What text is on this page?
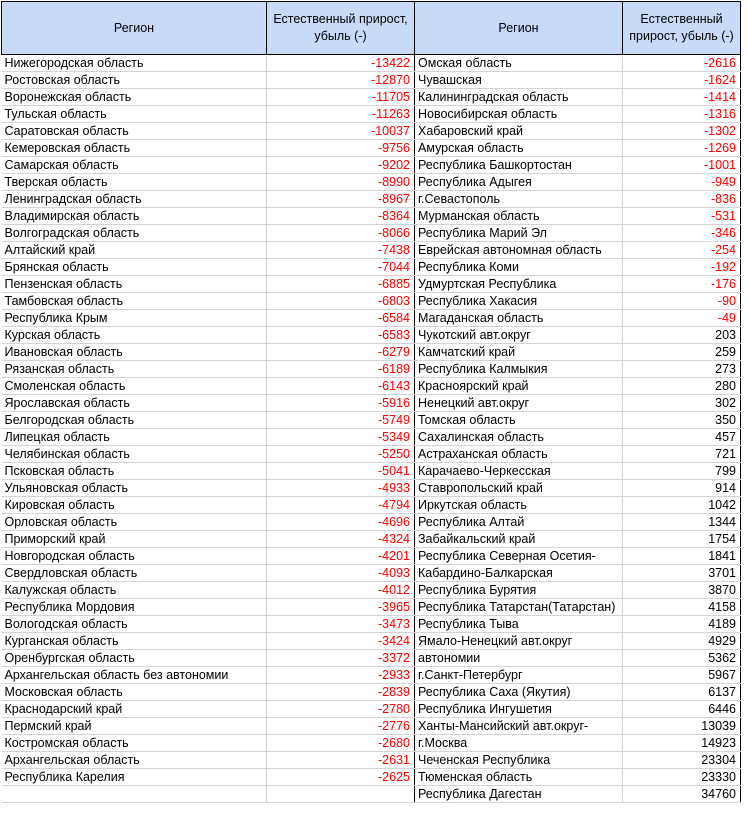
Регион	Естественный прирост, убыль (-)	Регион	Естественный прирост, убыль (-)
Нижегородская область	-13422	Омская область	-2616
Ростовская область	-12870	Чувашская	-1624
Воронежская область	-11705	Калининградская область	-1414
Тульская область	-11263	Новосибирская область	-1316
Саратовская область	-10037	Хабаровский край	-1302
Кемеровская область	-9756	Амурская область	-1269
Самарская область	-9202	Республика Башкортостан	-1001
Тверская область	-8990	Республика Адыгея	-949
Ленинградская область	-8967	г.Севастополь	-836
Владимирская область	-8364	Мурманская область	-531
Волгоградская область	-8066	Республика Марий Эл	-346
Алтайский край	-7438	Еврейская автономная область	-254
Брянская область	-7044	Республика Коми	-192
Пензенская область	-6885	Удмуртская Республика	-176
Тамбовская область	-6803	Республика Хакасия	-90
Республика Крым	-6584	Магаданская область	-49
Курская область	-6583	Чукотский авт.округ	203
Ивановская область	-6279	Камчатский край	259
Рязанская область	-6189	Республика Калмыкия	273
Смоленская область	-6143	Красноярский край	280
Ярославская область	-5916	Ненецкий авт.округ	302
Белгородская область	-5749	Томская область	350
Липецкая область	-5349	Сахалинская область	457
Челябинская область	-5250	Астраханская область	721
Псковская область	-5041	Карачаево-Черкесская	799
Ульяновская область	-4933	Ставропольский край	914
Кировская область	-4794	Иркутская область	1042
Орловская область	-4696	Республика Алтай	1344
Приморский край	-4324	Забайкальский край	1754
Новгородская область	-4201	Республика Северная Осетия-	1841
Свердловская область	-4093	Кабардино-Балкарская	3701
Калужская область	-4012	Республика Бурятия	3870
Республика Мордовия	-3965	Республика Татарстан(Татарстан)	4158
Вологодская область	-3473	Республика Тыва	4189
Курганская область	-3424	Ямало-Ненецкий авт.округ	4929
Оренбургская область	-3372	автономии	5362
Архангельская область без автономии	-2933	г.Санкт-Петербург	5967
Московская область	-2839	Республика Саха (Якутия)	6137
Краснодарский край	-2780	Республика Ингушетия	6446
Пермский край	-2776	Ханты-Мансийский авт.округ-	13039
Костромская область	-2680	г.Москва	14923
Архангельская область	-2631	Чеченская Республика	23304
Республика Карелия	-2625	Тюменская область	23330
		Республика Дагестан	34760
